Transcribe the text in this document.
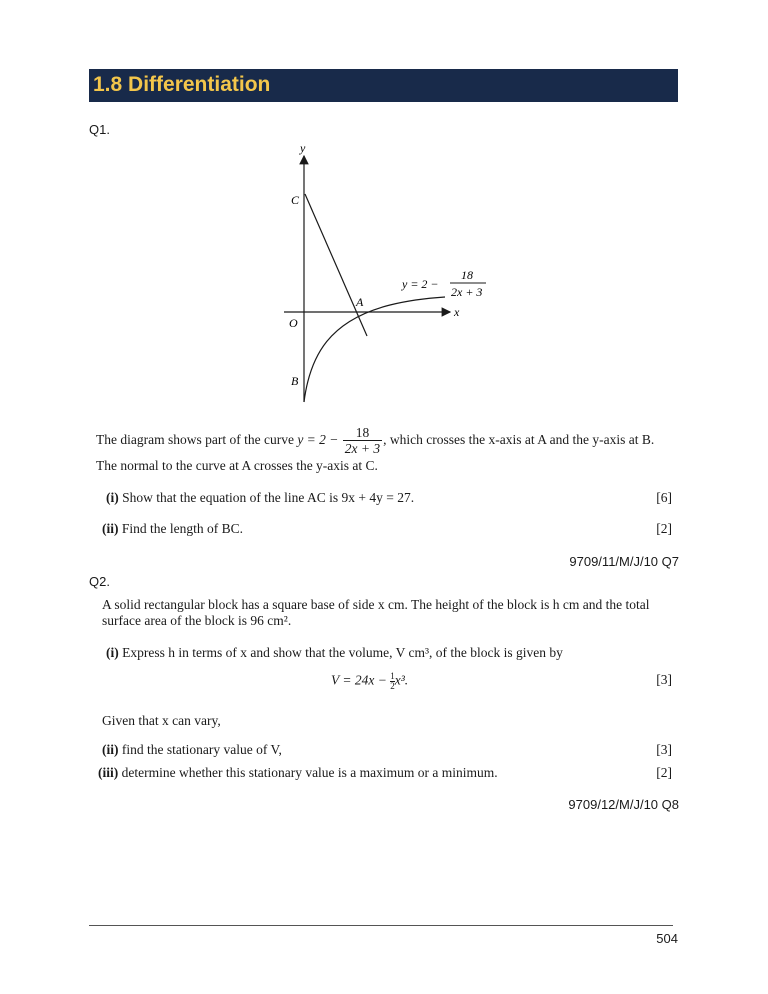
1.8 Differentiation
Q1.
y
x
C
A
O
B
y = 2 −
18
2x + 3
The diagram shows part of the curve $y = 2 - \frac{18}{2x + 3}$ , which crosses the x-axis at A and the y-axis at B.
The normal to the curve at A crosses the y-axis at C.
(i) Show that the equation of the line AC is 9x + 4y = 27.	[6]
(ii) Find the length of BC.	[2]
9709/11/M/J/10 Q7
Q2.
A solid rectangular block has a square base of side x cm. The height of the block is h cm and the total
surface area of the block is 96 cm².
(i) Express h in terms of x and show that the volume, V cm³, of the block is given by
$V = 24x - \frac{1}{2}x^3$.	[3]
Given that x can vary,
(ii) find the stationary value of V,	[3]
(iii) determine whether this stationary value is a maximum or a minimum.	[2]
9709/12/M/J/10 Q8
504
